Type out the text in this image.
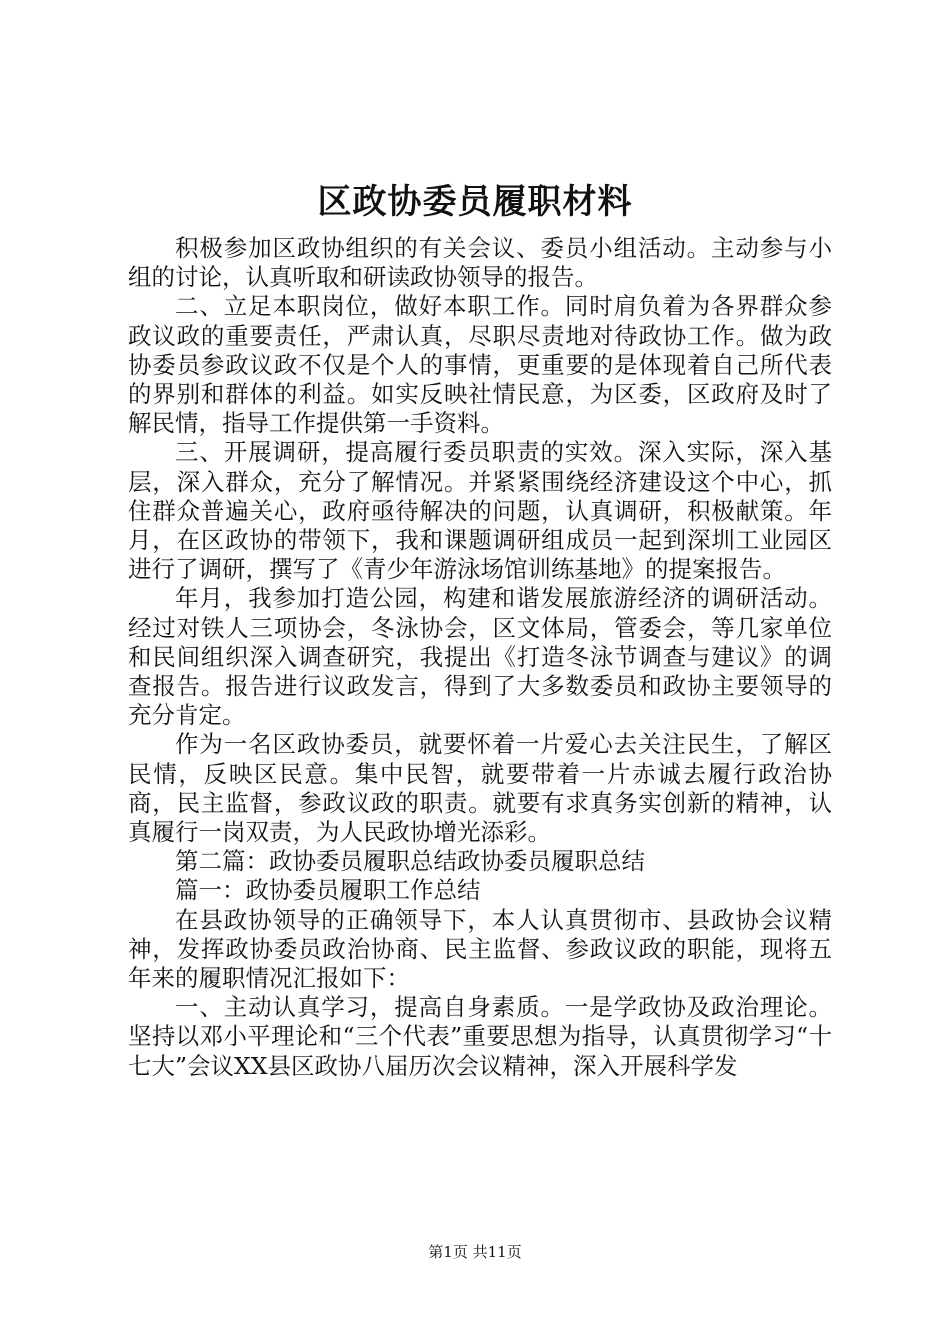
区政协委员履职材料

积极参加区政协组织的有关会议、委员小组活动。主动参与小组的讨论，认真听取和研读政协领导的报告。

二、立足本职岗位，做好本职工作。同时肩负着为各界群众参政议政的重要责任，严肃认真，尽职尽责地对待政协工作。做为政协委员参政议政不仅是个人的事情，更重要的是体现着自己所代表的界别和群体的利益。如实反映社情民意，为区委，区政府及时了解民情，指导工作提供第一手资料。

三、开展调研，提高履行委员职责的实效。深入实际，深入基层，深入群众，充分了解情况。并紧紧围绕经济建设这个中心，抓住群众普遍关心，政府亟待解决的问题，认真调研，积极献策。年月，在区政协的带领下，我和课题调研组成员一起到深圳工业园区进行了调研，撰写了《青少年游泳场馆训练基地》的提案报告。

年月，我参加打造公园，构建和谐发展旅游经济的调研活动。经过对铁人三项协会，冬泳协会，区文体局，管委会，等几家单位和民间组织深入调查研究，我提出《打造冬泳节调查与建议》的调查报告。报告进行议政发言，得到了大多数委员和政协主要领导的充分肯定。

作为一名区政协委员，就要怀着一片爱心去关注民生，了解区民情，反映区民意。集中民智，就要带着一片赤诚去履行政治协商，民主监督，参政议政的职责。就要有求真务实创新的精神，认真履行一岗双责，为人民政协增光添彩。

第二篇：政协委员履职总结政协委员履职总结

篇一：政协委员履职工作总结

在县政协领导的正确领导下，本人认真贯彻市、县政协会议精神，发挥政协委员政治协商、民主监督、参政议政的职能，现将五年来的履职情况汇报如下：

一、主动认真学习，提高自身素质。一是学政协及政治理论。坚持以邓小平理论和“三个代表”重要思想为指导，认真贯彻学习“十七大”会议XX县区政协八届历次会议精神，深入开展科学发

第1页 共11页
